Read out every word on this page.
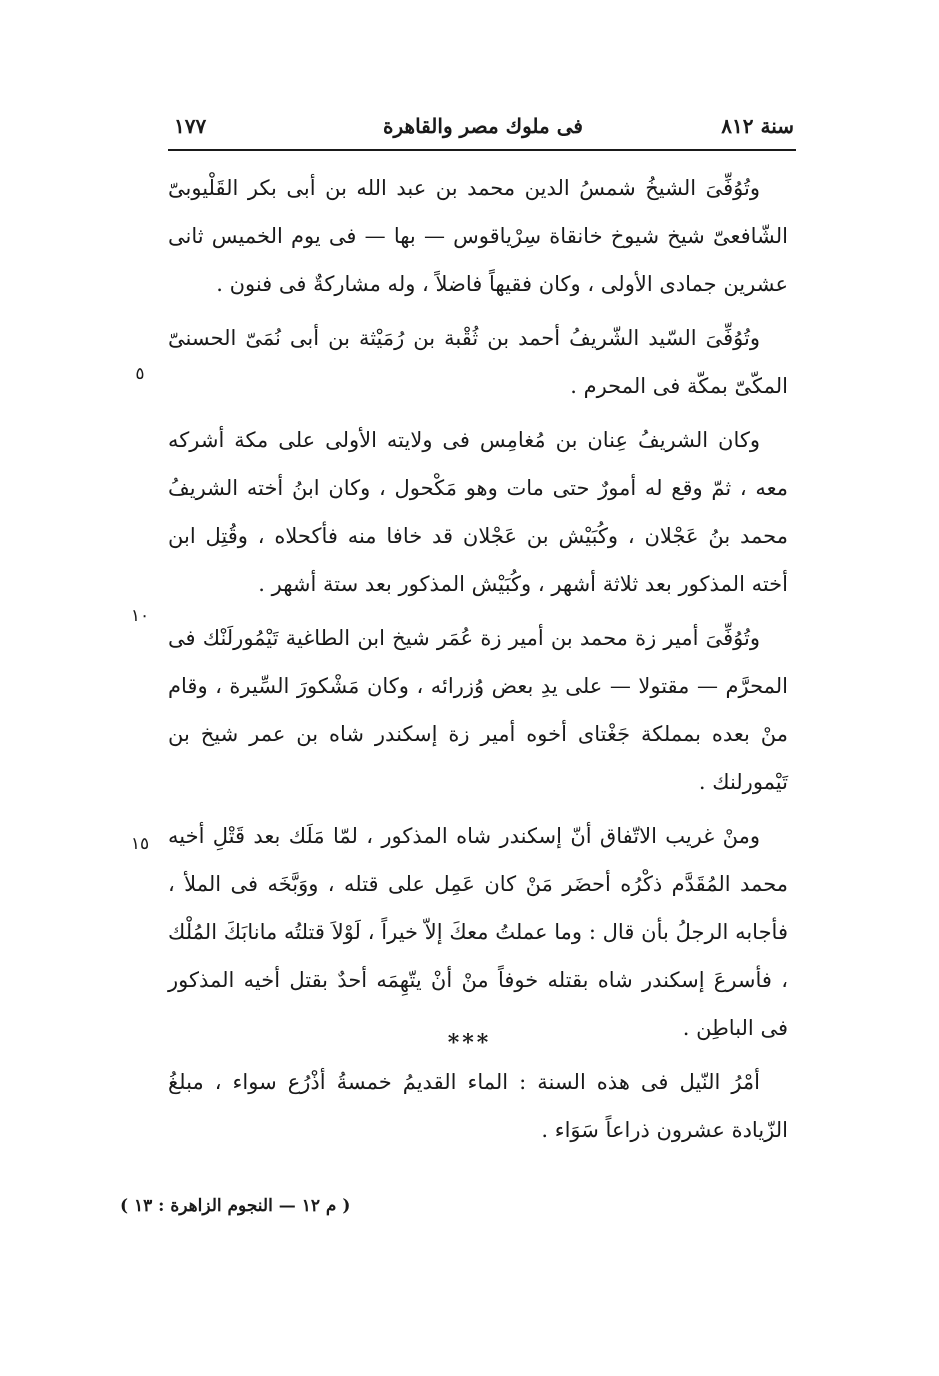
سنة ٨١٢
فى ملوك مصر والقاهرة
١٧٧

وتُوُفِّىَ الشيخُ شمسُ الدين محمد بن عبد الله بن أبى بكر القَلْيوبىّ الشّافعىّ شيخ شيوخ خانقاة سِرْياقوس — بها — فى يوم الخميس ثانى عشرين جمادى الأولى ، وكان فقيهاً فاضلاً ، وله مشاركةٌ فى فنون .

وتُوُفِّىَ السّيد الشّريفُ أحمد بن ثُقْبة بن رُمَيْثة بن أبى نُمَىّ الحسنىّ المكّىّ بمكّة فى المحرم .

وكان الشريفُ عِنان بن مُغامِس فى ولايته الأولى على مكة أشركه معه ، ثمّ وقع له أمورٌ حتى مات وهو مَكْحول ، وكان ابنُ أخته الشريفُ محمد بنُ عَجْلان ، وكُبَيْش بن عَجْلان قد خافا منه فأكحلاه ، وقُتِل ابن أخته المذكور بعد ثلاثة أشهر ، وكُبَيْش المذكور بعد ستة أشهر .

وتُوُفِّىَ أمير زة محمد بن أمير زة عُمَر شيخ ابن الطاغية تَيْمُورلَنْك فى المحرَّم — مقتولا — على يدِ بعض وُزرائه ، وكان مَشْكورَ السِّيرة ، وقام منْ بعده بمملكة جَغْتاى أخوه أمير زة إسكندر شاه بن عمر شيخ بن تَيْمورلنك .

ومنْ غريب الاتّفاق أنّ إسكندر شاه المذكور ، لمّا مَلَك بعد قَتْلِ أخيه محمد المُقَدَّم ذكْرُه أحضَر مَنْ كان عَمِل على قتله ، ووَبَّخَه فى الملأ ، فأجابه الرجلُ بأن قال : وما عملتُ معكَ إلاّ خيراً ، لَوْلاَ قتلتُه مانابَكَ المُلْك ، فأسرعَ إسكندر شاه بقتله خوفاً منْ أنْ يتّهِمَه أحدٌ بقتل أخيه المذكور فى الباطِن .

أمْرُ النّيل فى هذه السنة : الماء القديمُ خمسةُ أذْرُع سواء ، مبلغُ الزّيادة عشرون ذراعاً سَوَاء .

٥
١٠
١٥
***
( م ١٢ — النجوم الزاهرة : ١٣ )
